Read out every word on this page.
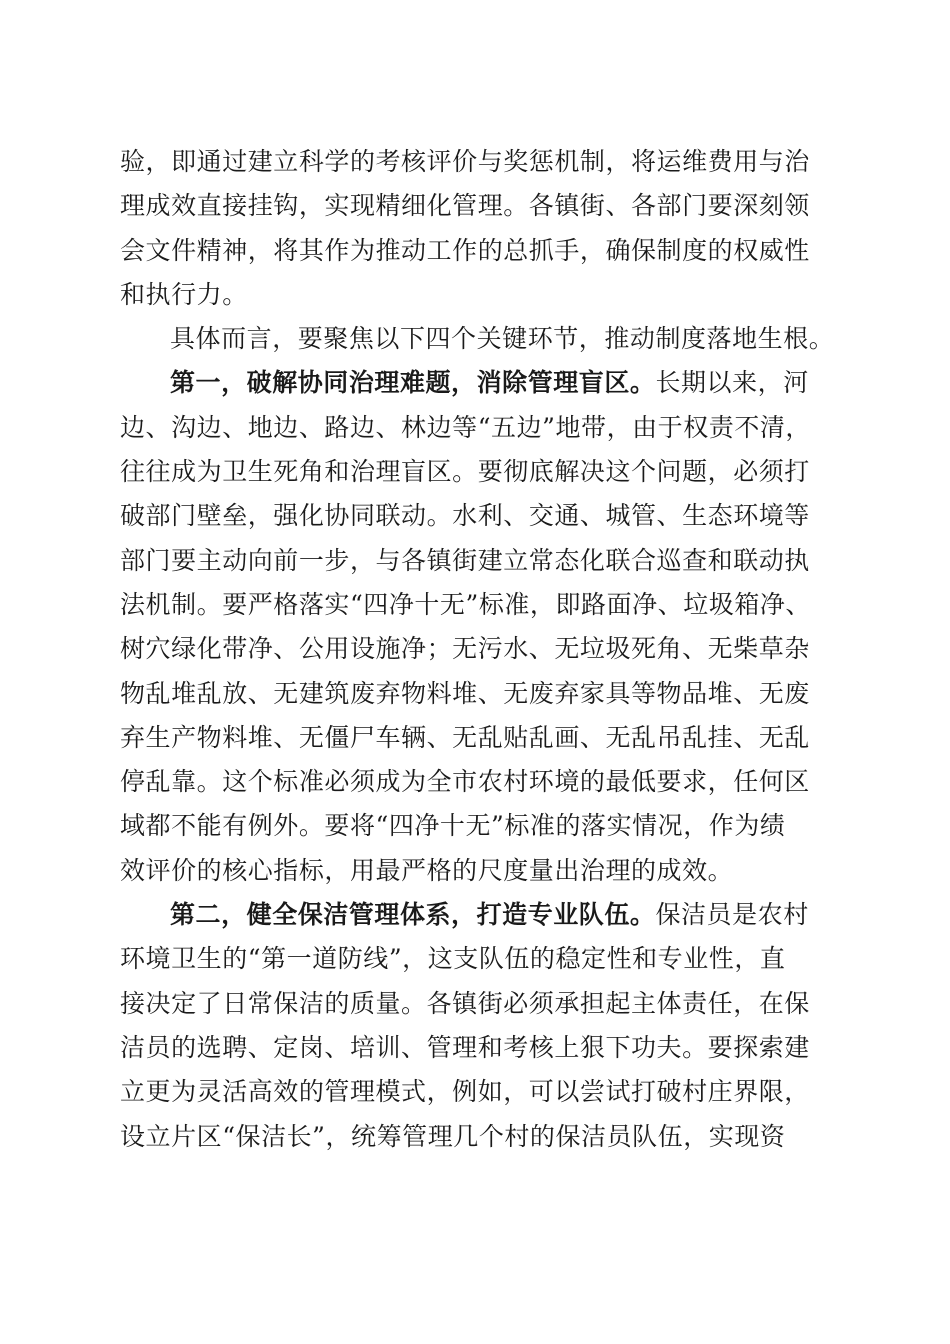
验，即通过建立科学的考核评价与奖惩机制，将运维费用与治
理成效直接挂钩，实现精细化管理。各镇街、各部门要深刻领
会文件精神，将其作为推动工作的总抓手，确保制度的权威性
和执行力。
具体而言，要聚焦以下四个关键环节，推动制度落地生根。
第一，破解协同治理难题，消除管理盲区。长期以来，河
边、沟边、地边、路边、林边等“五边”地带，由于权责不清，
往往成为卫生死角和治理盲区。要彻底解决这个问题，必须打
破部门壁垒，强化协同联动。水利、交通、城管、生态环境等
部门要主动向前一步，与各镇街建立常态化联合巡查和联动执
法机制。要严格落实“四净十无”标准，即路面净、垃圾箱净、
树穴绿化带净、公用设施净；无污水、无垃圾死角、无柴草杂
物乱堆乱放、无建筑废弃物料堆、无废弃家具等物品堆、无废
弃生产物料堆、无僵尸车辆、无乱贴乱画、无乱吊乱挂、无乱
停乱靠。这个标准必须成为全市农村环境的最低要求，任何区
域都不能有例外。要将“四净十无”标准的落实情况，作为绩
效评价的核心指标，用最严格的尺度量出治理的成效。
第二，健全保洁管理体系，打造专业队伍。保洁员是农村
环境卫生的“第一道防线”，这支队伍的稳定性和专业性，直
接决定了日常保洁的质量。各镇街必须承担起主体责任，在保
洁员的选聘、定岗、培训、管理和考核上狠下功夫。要探索建
立更为灵活高效的管理模式，例如，可以尝试打破村庄界限，
设立片区“保洁长”，统筹管理几个村的保洁员队伍，实现资
